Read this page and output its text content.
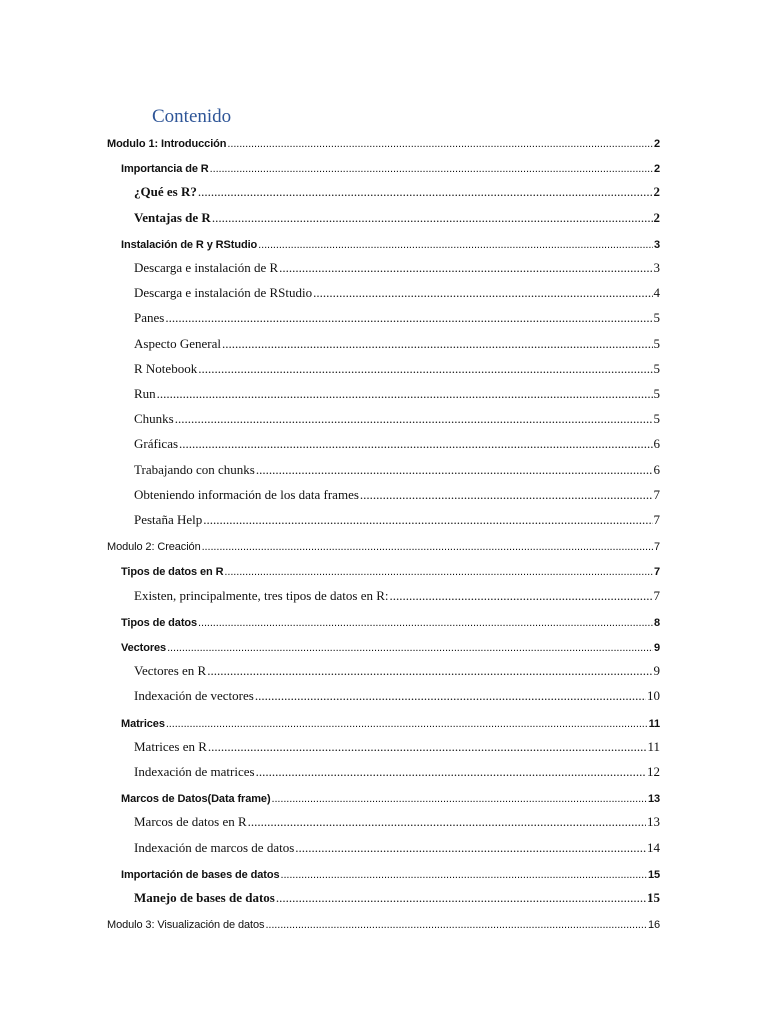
Contenido
Modulo 1: Introducción .....	2
Importancia de R .....	2
¿Qué es R? .....	2
Ventajas de R .....	2
Instalación de R y RStudio .....	3
Descarga e instalación de R .....	3
Descarga e instalación de RStudio .....	4
Panes .....	5
Aspecto General .....	5
R Notebook .....	5
Run .....	5
Chunks .....	5
Gráficas .....	6
Trabajando con chunks .....	6
Obteniendo información de los data frames .....	7
Pestaña Help .....	7
Modulo 2: Creación .....	7
Tipos de datos en R .....	7
Existen, principalmente, tres tipos de datos en R: .....	7
Tipos de datos .....	8
Vectores .....	9
Vectores en R .....	9
Indexación de vectores .....	10
Matrices .....	11
Matrices en R .....	11
Indexación de matrices .....	12
Marcos de Datos(Data frame) .....	13
Marcos de datos en R .....	13
Indexación de marcos de datos .....	14
Importación de bases de datos .....	15
Manejo de bases de datos .....	15
Modulo 3: Visualización de datos .....	16
